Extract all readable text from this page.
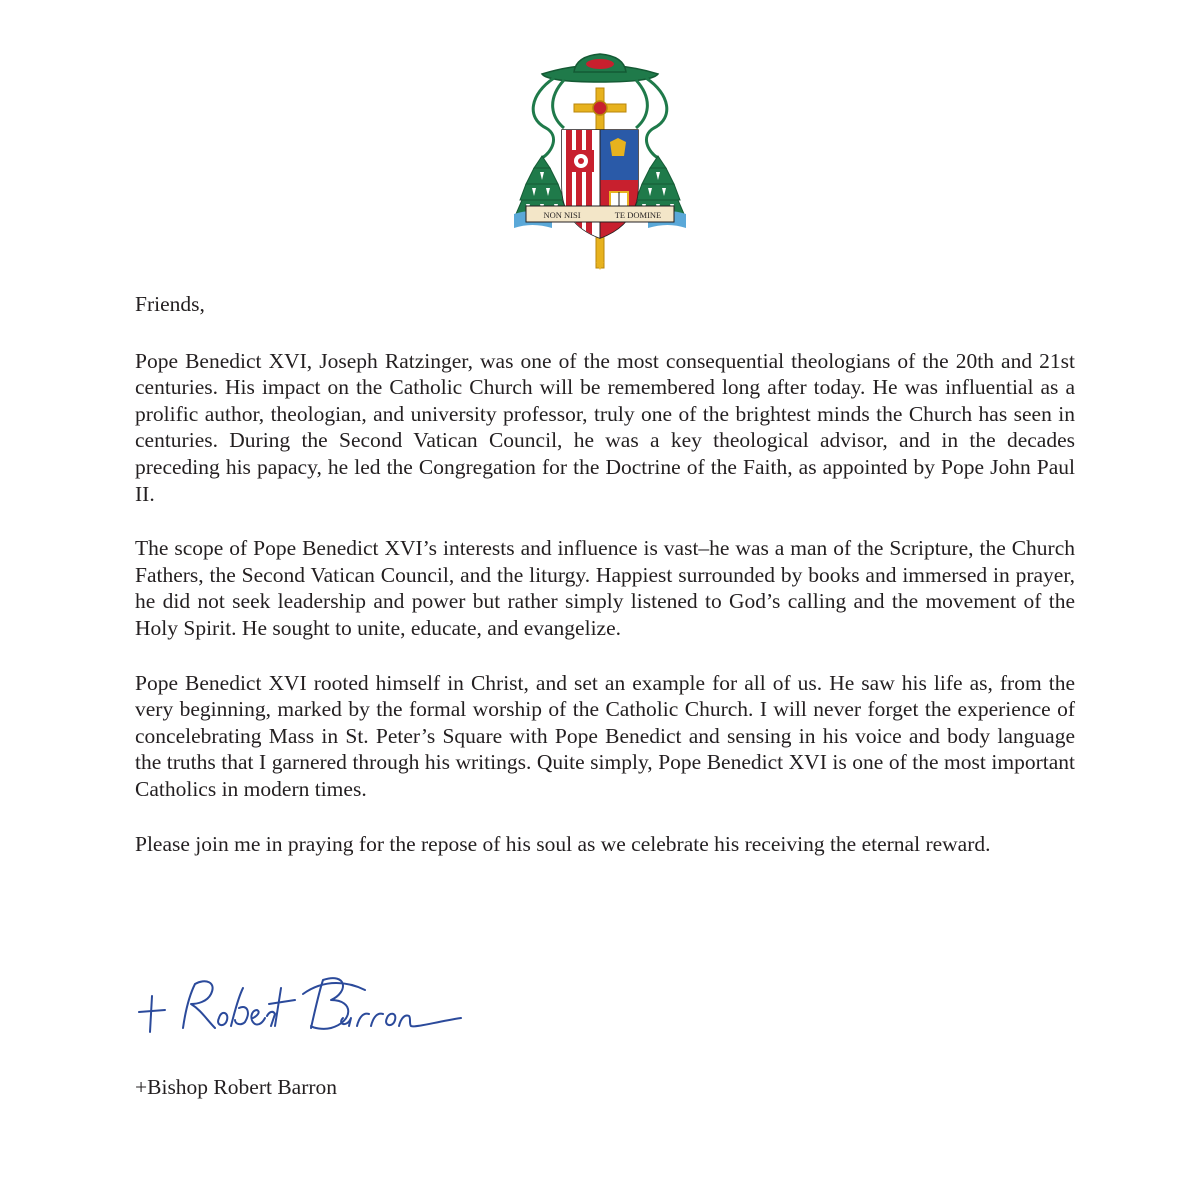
NON NISI	TE DOMINE

Friends,

Pope Benedict XVI, Joseph Ratzinger, was one of the most consequential theologians of the 20th and 21st centuries. His impact on the Catholic Church will be remembered long after today. He was influential as a prolific author, theologian, and university professor, truly one of the brightest minds the Church has seen in centuries. During the Second Vatican Council, he was a key theological advisor, and in the decades preceding his papacy, he led the Congregation for the Doctrine of the Faith, as appointed by Pope John Paul II.

The scope of Pope Benedict XVI’s interests and influence is vast–he was a man of the Scripture, the Church Fathers, the Second Vatican Council, and the liturgy. Happiest surrounded by books and immersed in prayer, he did not seek leadership and power but rather simply listened to God’s calling and the movement of the Holy Spirit. He sought to unite, educate, and evangelize.

Pope Benedict XVI rooted himself in Christ, and set an example for all of us. He saw his life as, from the very beginning, marked by the formal worship of the Catholic Church. I will never forget the experience of concelebrating Mass in St. Peter’s Square with Pope Benedict and sensing in his voice and body language the truths that I garnered through his writings. Quite simply, Pope Benedict XVI is one of the most important Catholics in modern times.

Please join me in praying for the repose of his soul as we celebrate his receiving the eternal reward.

+Bishop Robert Barron
